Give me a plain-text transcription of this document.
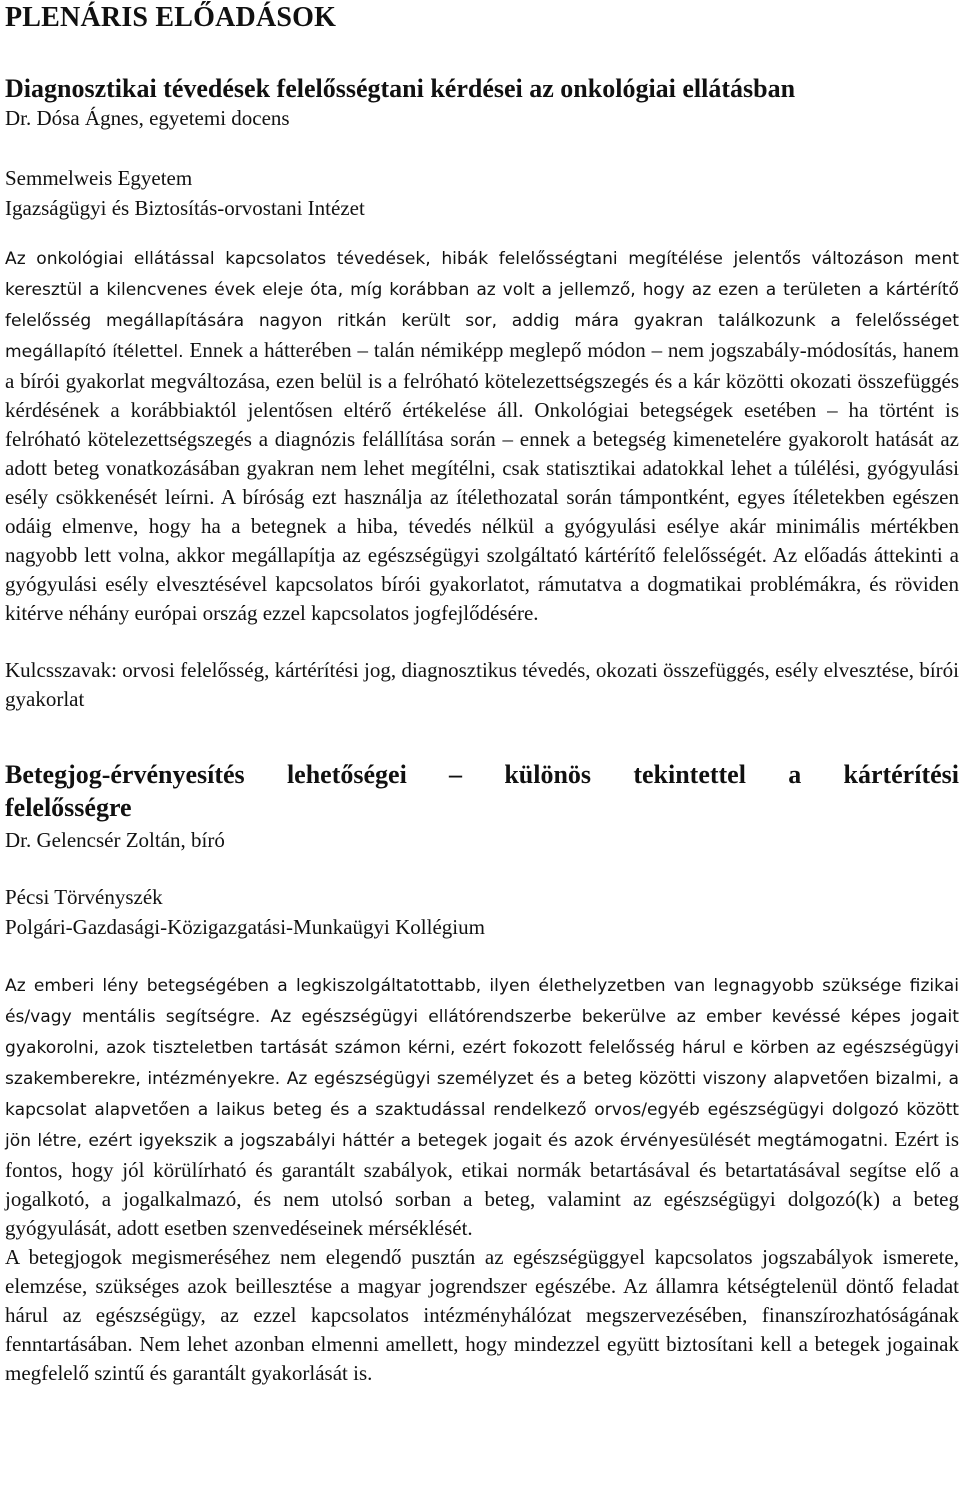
PLENÁRIS ELŐADÁSOK
Diagnosztikai tévedések felelősségtani kérdései az onkológiai ellátásban
Dr. Dósa Ágnes, egyetemi docens
Semmelweis Egyetem
Igazságügyi és Biztosítás-orvostani Intézet
Az onkológiai ellátással kapcsolatos tévedések, hibák felelősségtani megítélése jelentős változáson ment keresztül a kilencvenes évek eleje óta, míg korábban az volt a jellemző, hogy az ezen a területen a kártérítő felelősség megállapítására nagyon ritkán került sor, addig mára gyakran találkozunk a felelősséget megállapító ítélettel. Ennek a hátterében – talán némiképp meglepő módon – nem jogszabály-módosítás, hanem a bírói gyakorlat megváltozása, ezen belül is a felróható kötelezettségszegés és a kár közötti okozati összefüggés kérdésének a korábbiaktól jelentősen eltérő értékelése áll. Onkológiai betegségek esetében – ha történt is felróható kötelezettségszegés a diagnózis felállítása során – ennek a betegség kimenetelére gyakorolt hatását az adott beteg vonatkozásában gyakran nem lehet megítélni, csak statisztikai adatokkal lehet a túlélési, gyógyulási esély csökkenését leírni. A bíróság ezt használja az ítélethozatal során támpontként, egyes ítéletekben egészen odáig elmenve, hogy ha a betegnek a hiba, tévedés nélkül a gyógyulási esélye akár minimális mértékben nagyobb lett volna, akkor megállapítja az egészségügyi szolgáltató kártérítő felelősségét. Az előadás áttekinti a gyógyulási esély elvesztésével kapcsolatos bírói gyakorlatot, rámutatva a dogmatikai problémákra, és röviden kitérve néhány európai ország ezzel kapcsolatos jogfejlődésére.
Kulcsszavak: orvosi felelősség, kártérítési jog, diagnosztikus tévedés, okozati összefüggés, esély elvesztése, bírói gyakorlat
Betegjog-érvényesítés lehetőségei – különös tekintettel a kártérítési
felelősségre
Dr. Gelencsér Zoltán, bíró
Pécsi Törvényszék
Polgári-Gazdasági-Közigazgatási-Munkaügyi Kollégium

Az emberi lény betegségében a legkiszolgáltatottabb, ilyen élethelyzetben van legnagyobb szüksége fizikai és/vagy mentális segítségre. Az egészségügyi ellátórendszerbe bekerülve az ember kevéssé képes jogait gyakorolni, azok tiszteletben tartását számon kérni, ezért fokozott felelősség hárul e körben az egészségügyi szakemberekre, intézményekre. Az egészségügyi személyzet és a beteg közötti viszony alapvetően bizalmi, a kapcsolat alapvetően a laikus beteg és a szaktudással rendelkező orvos/egyéb egészségügyi dolgozó között jön létre, ezért igyekszik a jogszabályi háttér a betegek jogait és azok érvényesülését megtámogatni. Ezért is fontos, hogy jól körülírható és garantált szabályok, etikai normák betartásával és betartatásával segítse elő a jogalkotó, a jogalkalmazó, és nem utolsó sorban a beteg, valamint az egészségügyi dolgozó(k) a beteg gyógyulását, adott esetben szenvedéseinek mérséklését.

A betegjogok megismeréséhez nem elegendő pusztán az egészségüggyel kapcsolatos jogszabályok ismerete, elemzése, szükséges azok beillesztése a magyar jogrendszer egészébe. Az államra kétségtelenül döntő feladat hárul az egészségügy, az ezzel kapcsolatos intézményhálózat megszervezésében, finanszírozhatóságának fenntartásában. Nem lehet azonban elmenni amellett, hogy mindezzel együtt biztosítani kell a betegek jogainak megfelelő szintű és garantált gyakorlását is.
